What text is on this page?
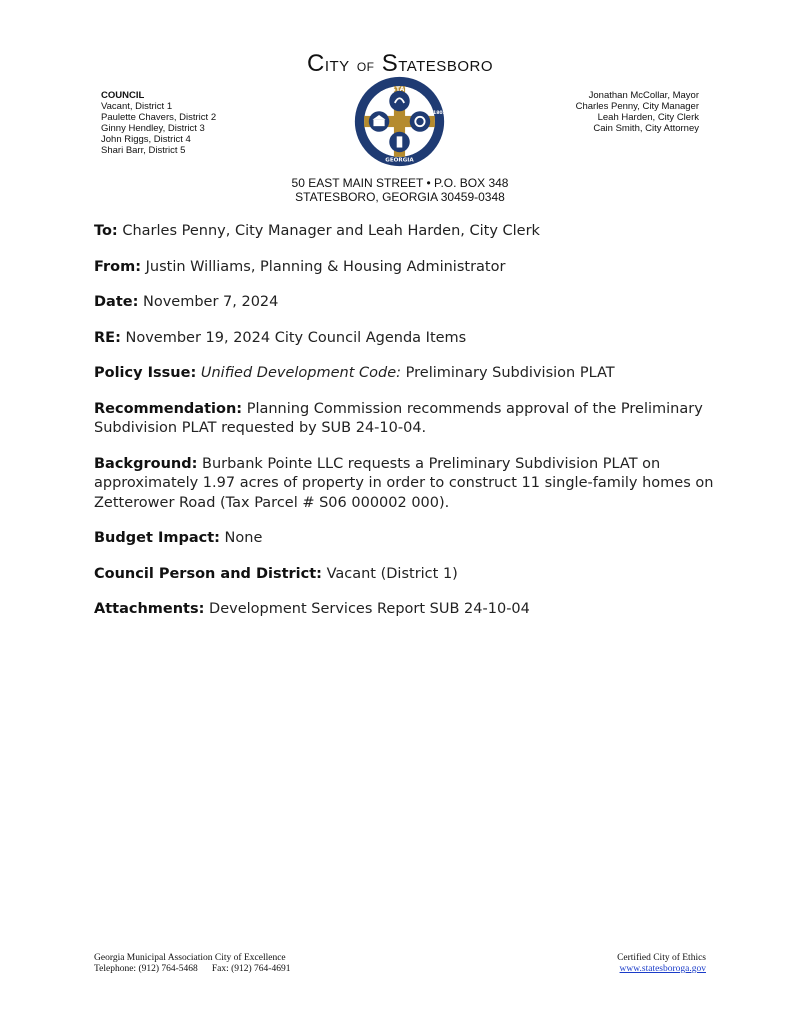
CITY OF STATESBORO
COUNCIL
Vacant, District 1
Paulette Chavers, District 2
Ginny Hendley, District 3
John Riggs, District 4
Shari Barr, District 5
CITY OF STATESBORO
1803
GEORGIA
Jonathan McCollar, Mayor
Charles Penny, City Manager
Leah Harden, City Clerk
Cain Smith, City Attorney
50 EAST MAIN STREET • P.O. BOX 348
STATESBORO, GEORGIA 30459-0348

To: Charles Penny, City Manager and Leah Harden, City Clerk

From: Justin Williams, Planning & Housing Administrator

Date: November 7, 2024

RE: November 19, 2024 City Council Agenda Items

Policy Issue: Unified Development Code: Preliminary Subdivision PLAT

Recommendation: Planning Commission recommends approval of the Preliminary Subdivision PLAT requested by SUB 24-10-04.

Background: Burbank Pointe LLC requests a Preliminary Subdivision PLAT on approximately 1.97 acres of property in order to construct 11 single-family homes on Zetterower Road (Tax Parcel # S06 000002 000).

Budget Impact: None

Council Person and District: Vacant (District 1)

Attachments: Development Services Report SUB 24-10-04

Georgia Municipal Association City of Excellence
Telephone: (912) 764-5468 Fax: (912) 764-4691
Certified City of Ethics
www.statesboroga.gov
